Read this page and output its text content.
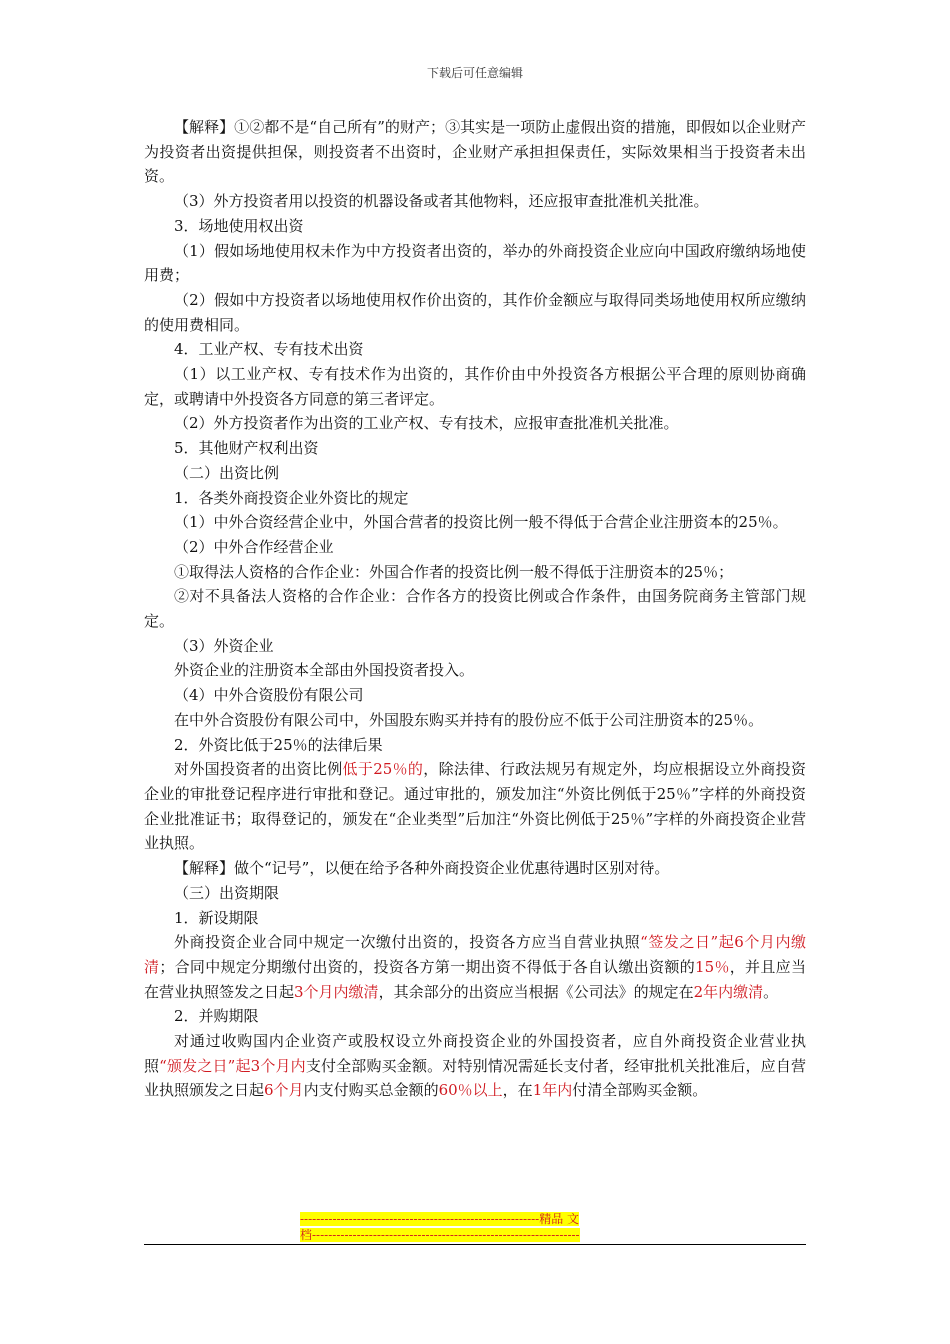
下载后可任意编辑

【解释】①②都不是“自己所有”的财产；③其实是一项防止虚假出资的措施，即假如以企业财产为投资者出资提供担保，则投资者不出资时，企业财产承担担保责任，实际效果相当于投资者未出资。

（3）外方投资者用以投资的机器设备或者其他物料，还应报审查批准机关批准。

3．场地使用权出资

（1）假如场地使用权未作为中方投资者出资的，举办的外商投资企业应向中国政府缴纳场地使用费；

（2）假如中方投资者以场地使用权作价出资的，其作价金额应与取得同类场地使用权所应缴纳的使用费相同。

4．工业产权、专有技术出资

（1）以工业产权、专有技术作为出资的，其作价由中外投资各方根据公平合理的原则协商确定，或聘请中外投资各方同意的第三者评定。

（2）外方投资者作为出资的工业产权、专有技术，应报审查批准机关批准。

5．其他财产权利出资

（二）出资比例

1．各类外商投资企业外资比的规定

（1）中外合资经营企业中，外国合营者的投资比例一般不得低于合营企业注册资本的25％。

（2）中外合作经营企业

①取得法人资格的合作企业：外国合作者的投资比例一般不得低于注册资本的25％；

②对不具备法人资格的合作企业：合作各方的投资比例或合作条件，由国务院商务主管部门规定。

（3）外资企业

外资企业的注册资本全部由外国投资者投入。

（4）中外合资股份有限公司

在中外合资股份有限公司中，外国股东购买并持有的股份应不低于公司注册资本的25％。

2．外资比低于25％的法律后果

对外国投资者的出资比例低于25％的，除法律、行政法规另有规定外，均应根据设立外商投资企业的审批登记程序进行审批和登记。通过审批的，颁发加注“外资比例低于25％”字样的外商投资企业批准证书；取得登记的，颁发在“企业类型”后加注“外资比例低于25％”字样的外商投资企业营业执照。

【解释】做个“记号”，以便在给予各种外商投资企业优惠待遇时区别对待。

（三）出资期限

1．新设期限

外商投资企业合同中规定一次缴付出资的，投资各方应当自营业执照“签发之日”起6个月内缴清；合同中规定分期缴付出资的，投资各方第一期出资不得低于各自认缴出资额的15％，并且应当在营业执照签发之日起3个月内缴清，其余部分的出资应当根据《公司法》的规定在2年内缴清。

2．并购期限

对通过收购国内企业资产或股权设立外商投资企业的外国投资者，应自外商投资企业营业执照“颁发之日”起3个月内支付全部购买金额。对特别情况需延长支付者，经审批机关批准后，应自营业执照颁发之日起6个月内支付购买总金额的60％以上，在1年内付清全部购买金额。

-----------------------------------------------------------精品 文
档------------------------------------------------------------------
